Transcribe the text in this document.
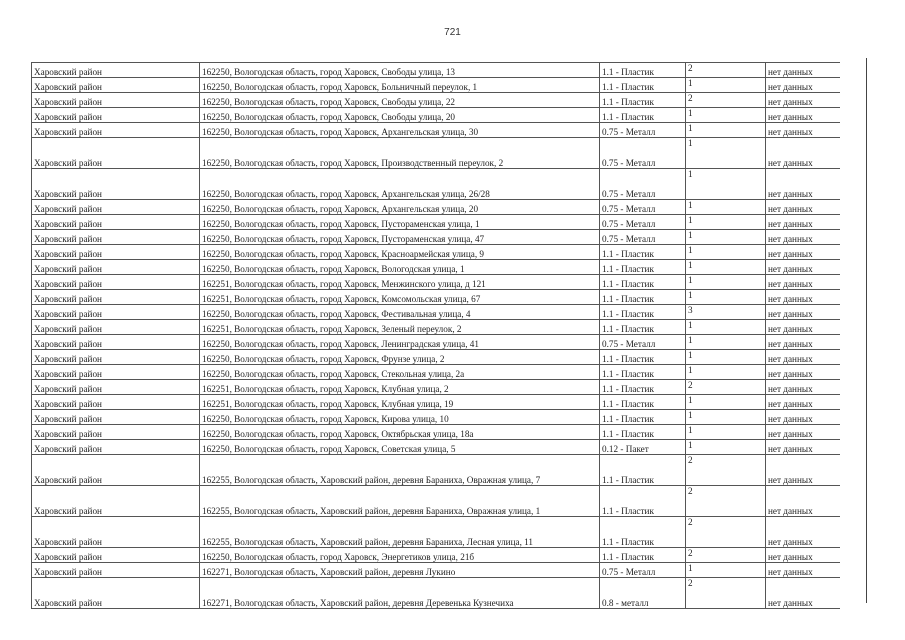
721
Харовский район	162250, Вологодская область, город Харовск, Свободы улица, 13	1.1 - Пластик	2	нет данных
Харовский район	162250, Вологодская область, город Харовск, Больничный переулок, 1	1.1 - Пластик	1	нет данных
Харовский район	162250, Вологодская область, город Харовск, Свободы улица, 22	1.1 - Пластик	2	нет данных
Харовский район	162250, Вологодская область, город Харовск, Свободы улица, 20	1.1 - Пластик	1	нет данных
Харовский район	162250, Вологодская область, город Харовск, Архангельская улица, 30	0.75 - Металл	1	нет данных
Харовский район	162250, Вологодская область, город Харовск, Производственный переулок, 2	0.75 - Металл	1	нет данных
Харовский район	162250, Вологодская область, город Харовск, Архангельская улица, 26/28	0.75 - Металл	1	нет данных
Харовский район	162250, Вологодская область, город Харовск, Архангельская улица, 20	0.75 - Металл	1	нет данных
Харовский район	162250, Вологодская область, город Харовск, Пустораменская улица, 1	0.75 - Металл	1	нет данных
Харовский район	162250, Вологодская область, город Харовск, Пустораменская улица, 47	0.75 - Металл	1	нет данных
Харовский район	162250, Вологодская область, город Харовск, Красноармейская улица, 9	1.1 - Пластик	1	нет данных
Харовский район	162250, Вологодская область, город Харовск, Вологодская улица, 1	1.1 - Пластик	1	нет данных
Харовский район	162251, Вологодская область, город Харовск, Менжинского улица, д 121	1.1 - Пластик	1	нет данных
Харовский район	162251, Вологодская область, город Харовск, Комсомольская улица, 67	1.1 - Пластик	1	нет данных
Харовский район	162250, Вологодская область, город Харовск, Фестивальная улица, 4	1.1 - Пластик	3	нет данных
Харовский район	162251, Вологодская область, город Харовск, Зеленый переулок, 2	1.1 - Пластик	1	нет данных
Харовский район	162250, Вологодская область, город Харовск, Ленинградская улица, 41	0.75 - Металл	1	нет данных
Харовский район	162250, Вологодская область, город Харовск, Фрунзе улица, 2	1.1 - Пластик	1	нет данных
Харовский район	162250, Вологодская область, город Харовск, Стекольная улица, 2а	1.1 - Пластик	1	нет данных
Харовский район	162251, Вологодская область, город Харовск, Клубная улица, 2	1.1 - Пластик	2	нет данных
Харовский район	162251, Вологодская область, город Харовск, Клубная улица, 19	1.1 - Пластик	1	нет данных
Харовский район	162250, Вологодская область, город Харовск, Кирова улица, 10	1.1 - Пластик	1	нет данных
Харовский район	162250, Вологодская область, город Харовск, Октябрьская улица, 18а	1.1 - Пластик	1	нет данных
Харовский район	162250, Вологодская область, город Харовск, Советская улица, 5	0.12 - Пакет	1	нет данных
Харовский район	162255, Вологодская область, Харовский район, деревня Бараниха, Овражная улица, 7	1.1 - Пластик	2	нет данных
Харовский район	162255, Вологодская область, Харовский район, деревня Бараниха, Овражная улица, 1	1.1 - Пластик	2	нет данных
Харовский район	162255, Вологодская область, Харовский район, деревня Бараниха, Лесная улица, 11	1.1 - Пластик	2	нет данных
Харовский район	162250, Вологодская область, город Харовск, Энергетиков улица, 21б	1.1 - Пластик	2	нет данных
Харовский район	162271, Вологодская область, Харовский район, деревня Лукино	0.75 - Металл	1	нет данных
Харовский район	162271, Вологодская область, Харовский район, деревня Деревенька Кузнечиха	0.8 - металл	2	нет данных
